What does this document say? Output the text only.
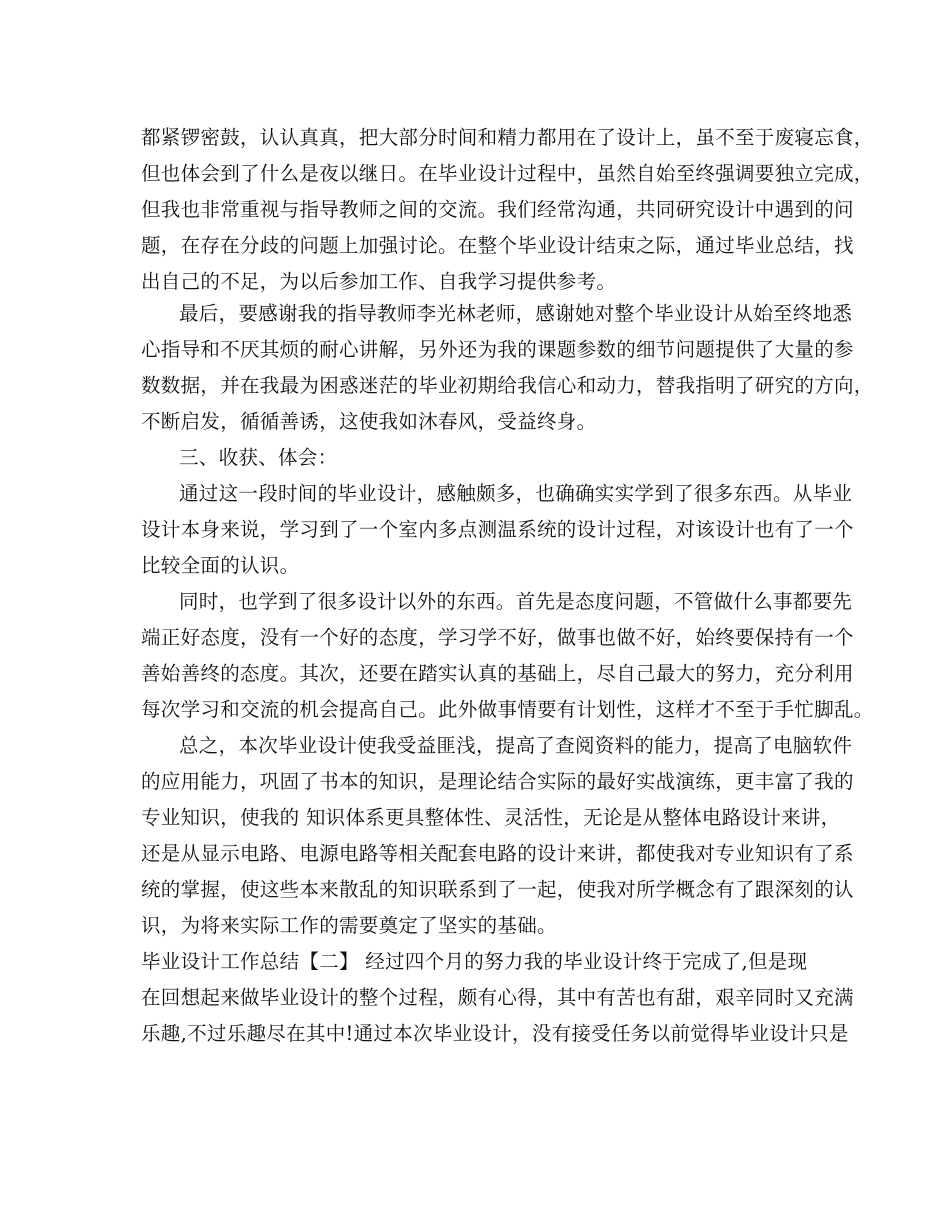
都紧锣密鼓，认认真真，把大部分时间和精力都用在了设计上，虽不至于废寝忘食，
但也体会到了什么是夜以继日。在毕业设计过程中，虽然自始至终强调要独立完成，
但我也非常重视与指导教师之间的交流。我们经常沟通，共同研究设计中遇到的问
题，在存在分歧的问题上加强讨论。在整个毕业设计结束之际，通过毕业总结，找
出自己的不足，为以后参加工作、自我学习提供参考。
最后，要感谢我的指导教师李光林老师，感谢她对整个毕业设计从始至终地悉
心指导和不厌其烦的耐心讲解，另外还为我的课题参数的细节问题提供了大量的参
数数据，并在我最为困惑迷茫的毕业初期给我信心和动力，替我指明了研究的方向，
不断启发，循循善诱，这使我如沐春风，受益终身。
三、收获、体会：
通过这一段时间的毕业设计，感触颇多，也确确实实学到了很多东西。从毕业
设计本身来说，学习到了一个室内多点测温系统的设计过程，对该设计也有了一个
比较全面的认识。
同时，也学到了很多设计以外的东西。首先是态度问题，不管做什么事都要先
端正好态度，没有一个好的态度，学习学不好，做事也做不好，始终要保持有一个
善始善终的态度。其次，还要在踏实认真的基础上，尽自己最大的努力，充分利用
每次学习和交流的机会提高自己。此外做事情要有计划性，这样才不至于手忙脚乱。
总之，本次毕业设计使我受益匪浅，提高了查阅资料的能力，提高了电脑软件
的应用能力，巩固了书本的知识，是理论结合实际的最好实战演练，更丰富了我的
专业知识，使我的 知识体系更具整体性、灵活性，无论是从整体电路设计来讲，
还是从显示电路、电源电路等相关配套电路的设计来讲，都使我对专业知识有了系
统的掌握，使这些本来散乱的知识联系到了一起，使我对所学概念有了跟深刻的认
识，为将来实际工作的需要奠定了坚实的基础。
毕业设计工作总结【二】 经过四个月的努力我的毕业设计终于完成了,但是现
在回想起来做毕业设计的整个过程，颇有心得，其中有苦也有甜，艰辛同时又充满
乐趣,不过乐趣尽在其中!通过本次毕业设计，没有接受任务以前觉得毕业设计只是
